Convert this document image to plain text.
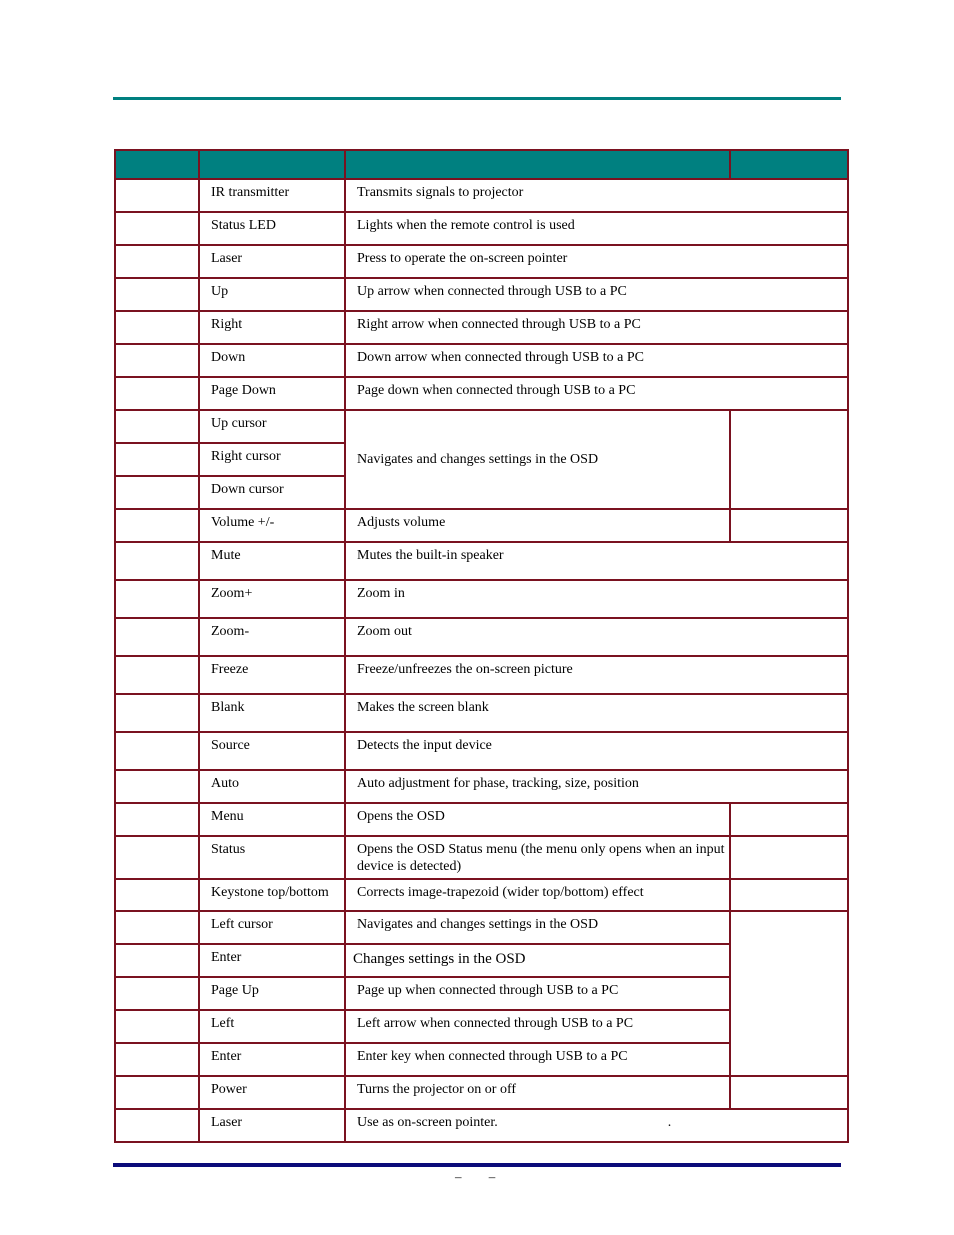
	IR transmitter	Transmits signals to projector	
	Status LED	Lights when the remote control is used	
	Laser	Press to operate the on-screen pointer	
	Up	Up arrow when connected through USB to a PC	
	Right	Right arrow when connected through USB to a PC	
	Down	Down arrow when connected through USB to a PC	
	Page Down	Page down when connected through USB to a PC	
	Up cursor	Navigates and changes settings in the OSD	
	Right cursor		
	Down cursor		
	Volume +/-	Adjusts volume	
	Mute	Mutes the built-in speaker	
	Zoom+	Zoom in	
	Zoom-	Zoom out	
	Freeze	Freeze/unfreezes the on-screen picture	
	Blank	Makes the screen blank	
	Source	Detects the input device	
	Auto	Auto adjustment for phase, tracking, size, position	
	Menu	Opens the OSD	
	Status	Opens the OSD Status menu (the menu only opens when an input device is detected)	
	Keystone top/bottom	Corrects image-trapezoid (wider top/bottom) effect	
	Left cursor	Navigates and changes settings in the OSD	
	Enter	Changes settings in the OSD	
	Page Up	Page up when connected through USB to a PC	
	Left	Left arrow when connected through USB to a PC	
	Enter	Enter key when connected through USB to a PC	
	Power	Turns the projector on or off	
	Laser	Use as on-screen pointer. .	
– –
